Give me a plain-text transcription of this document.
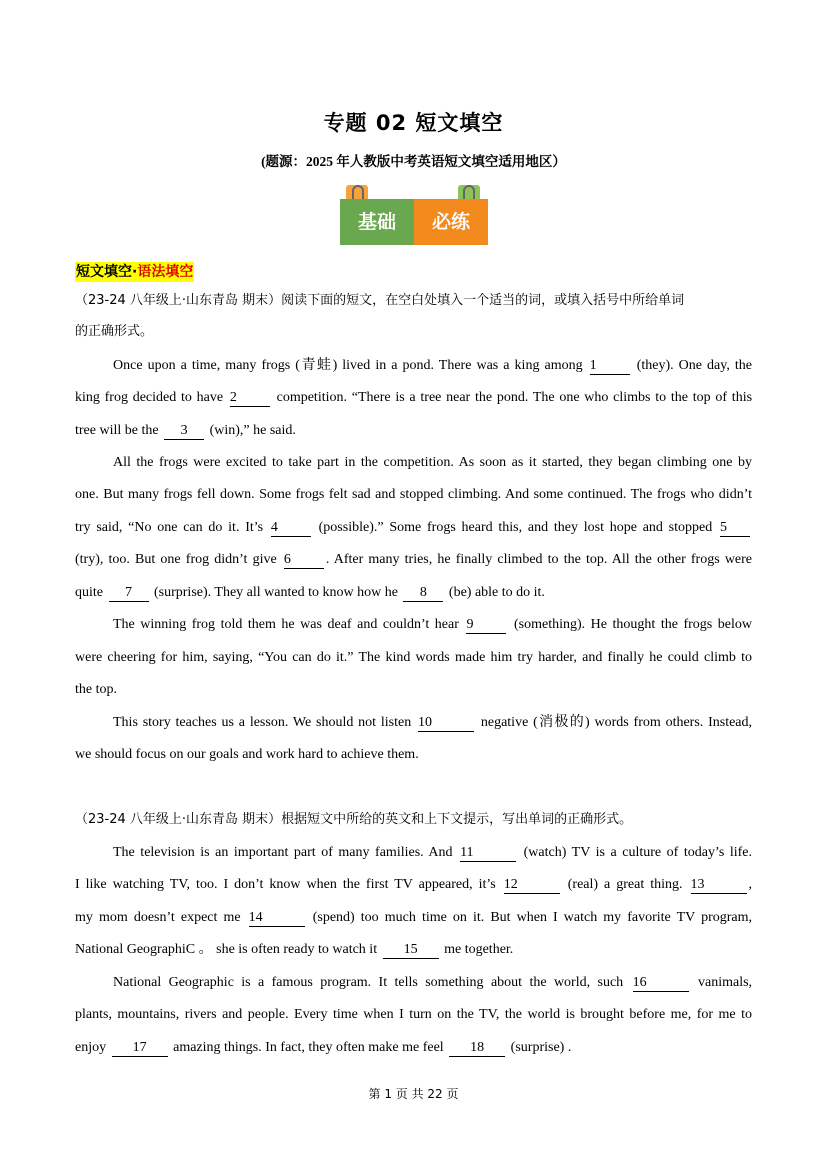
专题 02 短文填空
(题源：2025 年人教版中考英语短文填空适用地区）
基础	必练
短文填空·语法填空
（23-24 八年级上·山东青岛 期末）阅读下面的短文，在空白处填入一个适当的词，或填入括号中所给单词
的正确形式。
Once upon a time, many frogs (青蛙) lived in a pond. There was a king among 1	(they). One day, the
king frog decided to have 2	competition. “There is a tree near the pond. The one who climbs to the top of this
tree will be the 3 (win),” he said.
All the frogs were excited to take part in the competition. As soon as it started, they began climbing one by
one. But many frogs fell down. Some frogs felt sad and stopped climbing. And some continued. The frogs who didn’t
try said, “No one can do it. It’s 4	(possible).” Some frogs heard this, and they lost hope and stopped 5
(try), too. But one frog didn’t give 6	. After many tries, he finally climbed to the top. All the other frogs were
quite 7 (surprise). They all wanted to know how he 8 (be) able to do it.
The winning frog told them he was deaf and couldn’t hear 9	(something). He thought the frogs below
were cheering for him, saying, “You can do it.” The kind words made him try harder, and finally he could climb to
the top.
This story teaches us a lesson. We should not listen 10	negative (消极的) words from others. Instead,
we should focus on our goals and work hard to achieve them.
（23-24 八年级上·山东青岛 期末）根据短文中所给的英文和上下文提示，写出单词的正确形式。
The television is an important part of many families. And 11	(watch) TV is a culture of today’s life.
I like watching TV, too. I don’t know when the first TV appeared, it’s 12	(real) a great thing. 13	,
my mom doesn’t expect me 14	(spend) too much time on it. But when I watch my favorite TV program,
National GeographiC 。 she is often ready to watch it 15 me together.
National Geographic is a famous program. It tells something about the world, such 16	vanimals,
plants, mountains, rivers and people. Every time when I turn on the TV, the world is brought before me, for me to
enjoy 17 amazing things. In fact, they often make me feel 18 (surprise) .
第 1 页 共 22 页
